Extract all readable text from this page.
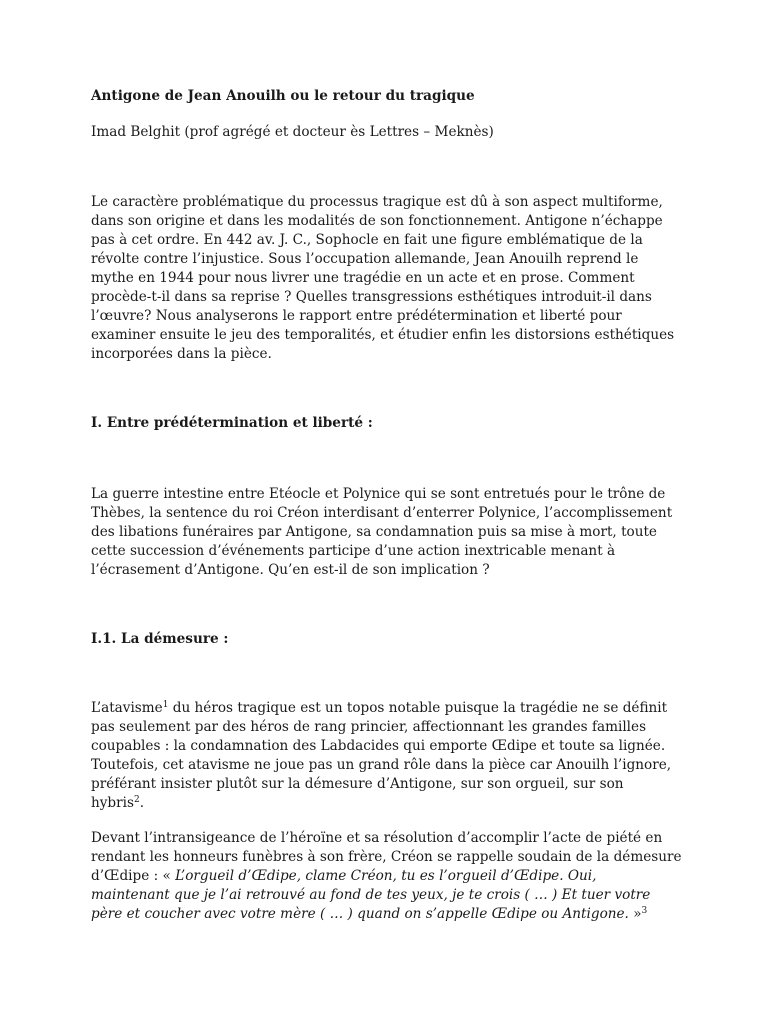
Antigone de Jean Anouilh ou le retour du tragique
Imad Belghit (prof agrégé et docteur ès Lettres – Meknès)
Le caractère problématique du processus tragique est dû à son aspect multiforme,
dans son origine et dans les modalités de son fonctionnement. Antigone n’échappe
pas à cet ordre. En 442 av. J. C., Sophocle en fait une figure emblématique de la
révolte contre l’injustice. Sous l’occupation allemande, Jean Anouilh reprend le
mythe en 1944 pour nous livrer une tragédie en un acte et en prose. Comment
procède-t-il dans sa reprise ? Quelles transgressions esthétiques introduit-il dans
l’œuvre? Nous analyserons le rapport entre prédétermination et liberté pour
examiner ensuite le jeu des temporalités, et étudier enfin les distorsions esthétiques
incorporées dans la pièce.
I. Entre prédétermination et liberté :
La guerre intestine entre Etéocle et Polynice qui se sont entretués pour le trône de
Thèbes, la sentence du roi Créon interdisant d’enterrer Polynice, l’accomplissement
des libations funéraires par Antigone, sa condamnation puis sa mise à mort, toute
cette succession d’événements participe d’une action inextricable menant à
l’écrasement d’Antigone. Qu’en est-il de son implication ?
I.1. La démesure :
L’atavisme$^1$ du héros tragique est un topos notable puisque la tragédie ne se définit
pas seulement par des héros de rang princier, affectionnant les grandes familles
coupables : la condamnation des Labdacides qui emporte Œdipe et toute sa lignée.
Toutefois, cet atavisme ne joue pas un grand rôle dans la pièce car Anouilh l’ignore,
préférant insister plutôt sur la démesure d’Antigone, sur son orgueil, sur son
hybris$^2$.
Devant l’intransigeance de l’héroïne et sa résolution d’accomplir l’acte de piété en
rendant les honneurs funèbres à son frère, Créon se rappelle soudain de la démesure
d’Œdipe : « L’orgueil d’Œdipe, clame Créon, tu es l’orgueil d’Œdipe. Oui,
maintenant que je l’ai retrouvé au fond de tes yeux, je te crois ( … ) Et tuer votre
père et coucher avec votre mère ( … ) quand on s’appelle Œdipe ou Antigone. »$^3$
